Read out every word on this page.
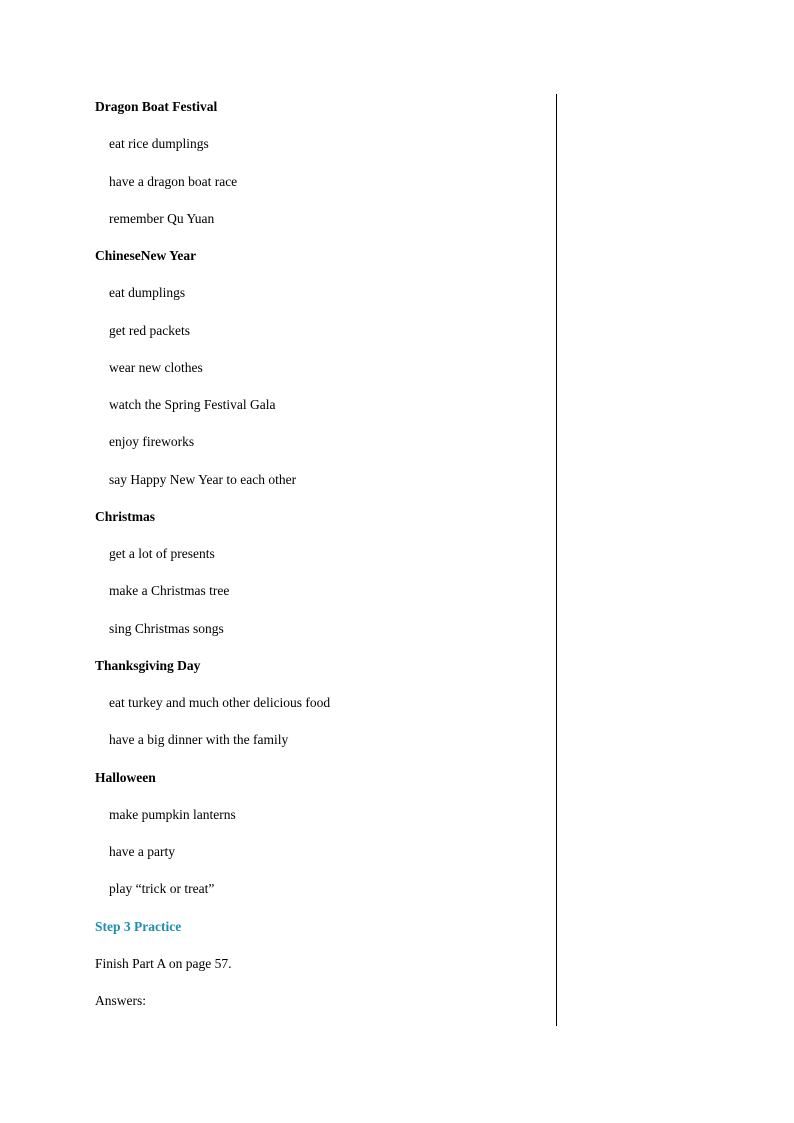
Dragon Boat Festival
eat rice dumplings
have a dragon boat race
remember Qu Yuan
ChineseNew Year
eat dumplings
get red packets
wear new clothes
watch the Spring Festival Gala
enjoy fireworks
say Happy New Year to each other
Christmas
get a lot of presents
make a Christmas tree
sing Christmas songs
Thanksgiving Day
eat turkey and much other delicious food
have a big dinner with the family
Halloween
make pumpkin lanterns
have a party
play “trick or treat”
Step 3 Practice
Finish Part A on page 57.
Answers:
